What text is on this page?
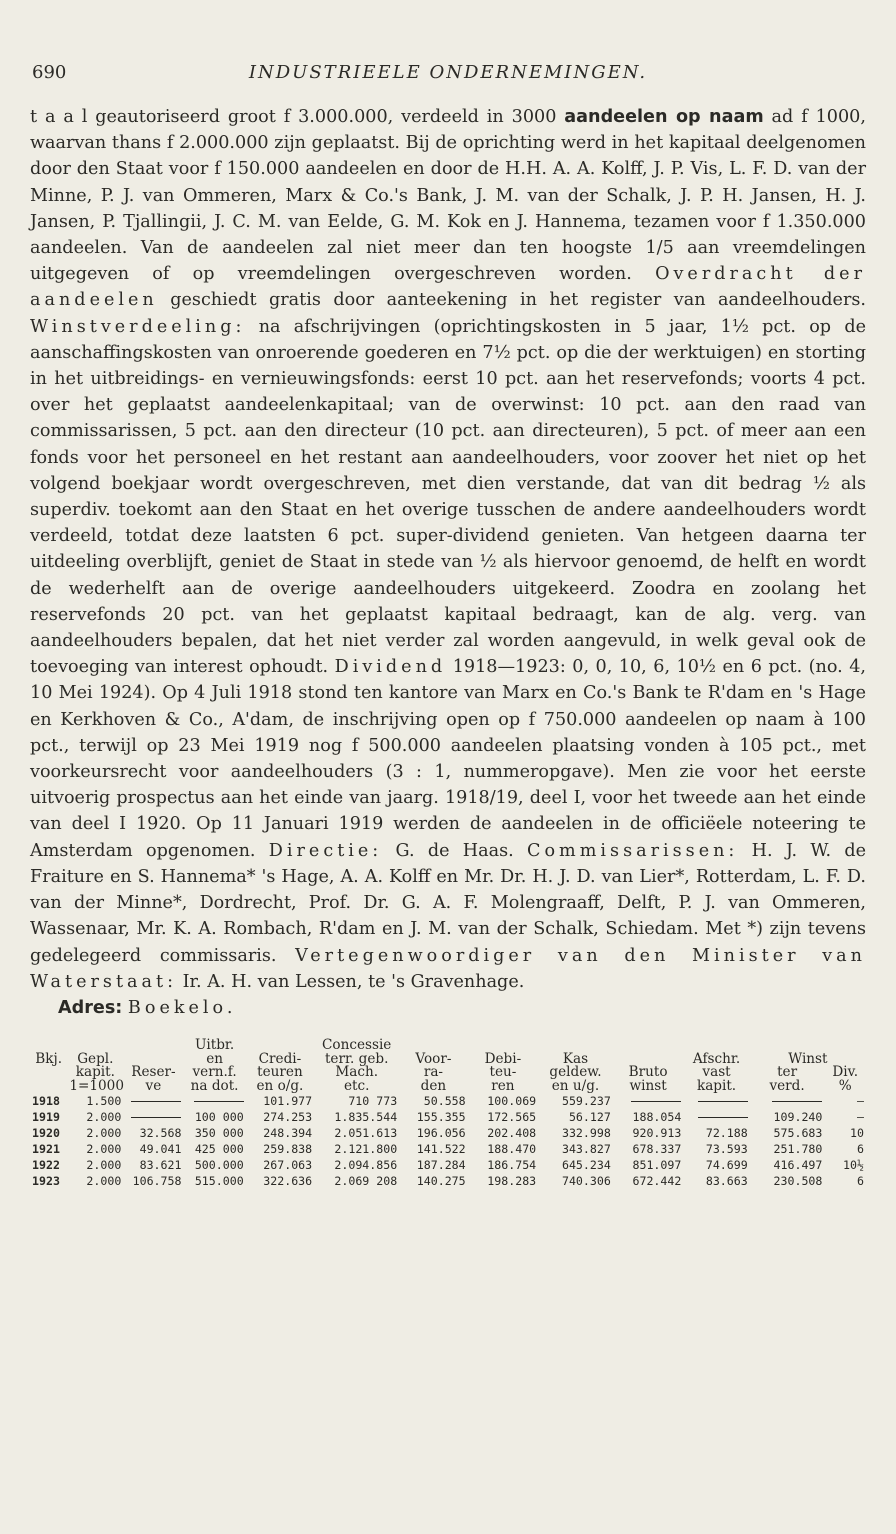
690	INDUSTRIEELE ONDERNEMINGEN.

t a a l geautoriseerd groot f 3.000.000, verdeeld in 3000 aandeelen op naam ad f 1000, waarvan thans f 2.000.000 zijn geplaatst. Bij de oprichting werd in het kapitaal deelgenomen door den Staat voor f 150.000 aandeelen en door de H.H. A. A. Kolff, J. P. Vis, L. F. D. van der Minne, P. J. van Ommeren, Marx & Co.'s Bank, J. M. van der Schalk, J. P. H. Jansen, H. J. Jansen, P. Tjallingii, J. C. M. van Eelde, G. M. Kok en J. Hannema, tezamen voor f 1.350.000 aandeelen. Van de aandeelen zal niet meer dan ten hoogste 1/5 aan vreemdelingen uitgegeven of op vreemdelingen overgeschreven worden. Overdracht der aandeelen geschiedt gratis door aanteekening in het register van aandeelhouders. Winstverdeeling: na afschrijvingen (oprichtingskosten in 5 jaar, 1½ pct. op de aanschaffingskosten van onroerende goederen en 7½ pct. op die der werktuigen) en storting in het uitbreidings- en vernieuwingsfonds: eerst 10 pct. aan het reservefonds; voorts 4 pct. over het geplaatst aandeelenkapitaal; van de overwinst: 10 pct. aan den raad van commissarissen, 5 pct. aan den directeur (10 pct. aan directeuren), 5 pct. of meer aan een fonds voor het personeel en het restant aan aandeelhouders, voor zoover het niet op het volgend boekjaar wordt overgeschreven, met dien verstande, dat van dit bedrag ½ als superdiv. toekomt aan den Staat en het overige tusschen de andere aandeelhouders wordt verdeeld, totdat deze laatsten 6 pct. super-dividend genieten. Van hetgeen daarna ter uitdeeling overblijft, geniet de Staat in stede van ½ als hiervoor genoemd, de helft en wordt de wederhelft aan de overige aandeelhouders uitgekeerd. Zoodra en zoolang het reservefonds 20 pct. van het geplaatst kapitaal bedraagt, kan de alg. verg. van aandeelhouders bepalen, dat het niet verder zal worden aangevuld, in welk geval ook de toevoeging van interest ophoudt. Dividend 1918—1923: 0, 0, 10, 6, 10½ en 6 pct. (no. 4, 10 Mei 1924). Op 4 Juli 1918 stond ten kantore van Marx en Co.'s Bank te R'dam en 's Hage en Kerkhoven & Co., A'dam, de inschrijving open op f 750.000 aandeelen op naam à 100 pct., terwijl op 23 Mei 1919 nog f 500.000 aandeelen plaatsing vonden à 105 pct., met voorkeursrecht voor aandeelhouders (3 : 1, nummeropgave). Men zie voor het eerste uitvoerig prospectus aan het einde van jaarg. 1918/19, deel I, voor het tweede aan het einde van deel I 1920. Op 11 Januari 1919 werden de aandeelen in de officiëele noteering te Amsterdam opgenomen. Directie: G. de Haas. Commissarissen: H. J. W. de Fraiture en S. Hannema* 's Hage, A. A. Kolff en Mr. Dr. H. J. D. van Lier*, Rotterdam, L. F. D. van der Minne*, Dordrecht, Prof. Dr. G. A. F. Molengraaff, Delft, P. J. van Ommeren, Wassenaar, Mr. K. A. Rombach, R'dam en J. M. van der Schalk, Schiedam. Met *) zijn tevens gedelegeerd commissaris. Vertegenwoordiger van den Minister van Waterstaat: Ir. A. H. van Lessen, te 's Gravenhage.

Adres: Boekelo.

			Uitbr.		Concessie							
Bkj.	Gepl.		en	Credi-	terr. geb.	Voor-	Debi-	Kas		Afschr.	Winst	
	kapit.	Reser-	vern.f.	teuren	Mach.	ra-	teu-	geldew.	Bruto	vast	ter	Div.
	1=1000	ve	na dot.	en o/g.	etc.	den	ren	en u/g.	winst	kapit.	verd.	%
1918	1.500			101.977	710 773	50.558	100.069	559.237				—
1919	2.000		100 000	274.253	1.835.544	155.355	172.565	56.127	188.054		109.240	—
1920	2.000	32.568	350 000	248.394	2.051.613	196.056	202.408	332.998	920.913	72.188	575.683	10
1921	2.000	49.041	425 000	259.838	2.121.800	141.522	188.470	343.827	678.337	73.593	251.780	6
1922	2.000	83.621	500.000	267.063	2.094.856	187.284	186.754	645.234	851.097	74.699	416.497	10½
1923	2.000	106.758	515.000	322.636	2.069 208	140.275	198.283	740.306	672.442	83.663	230.508	6
